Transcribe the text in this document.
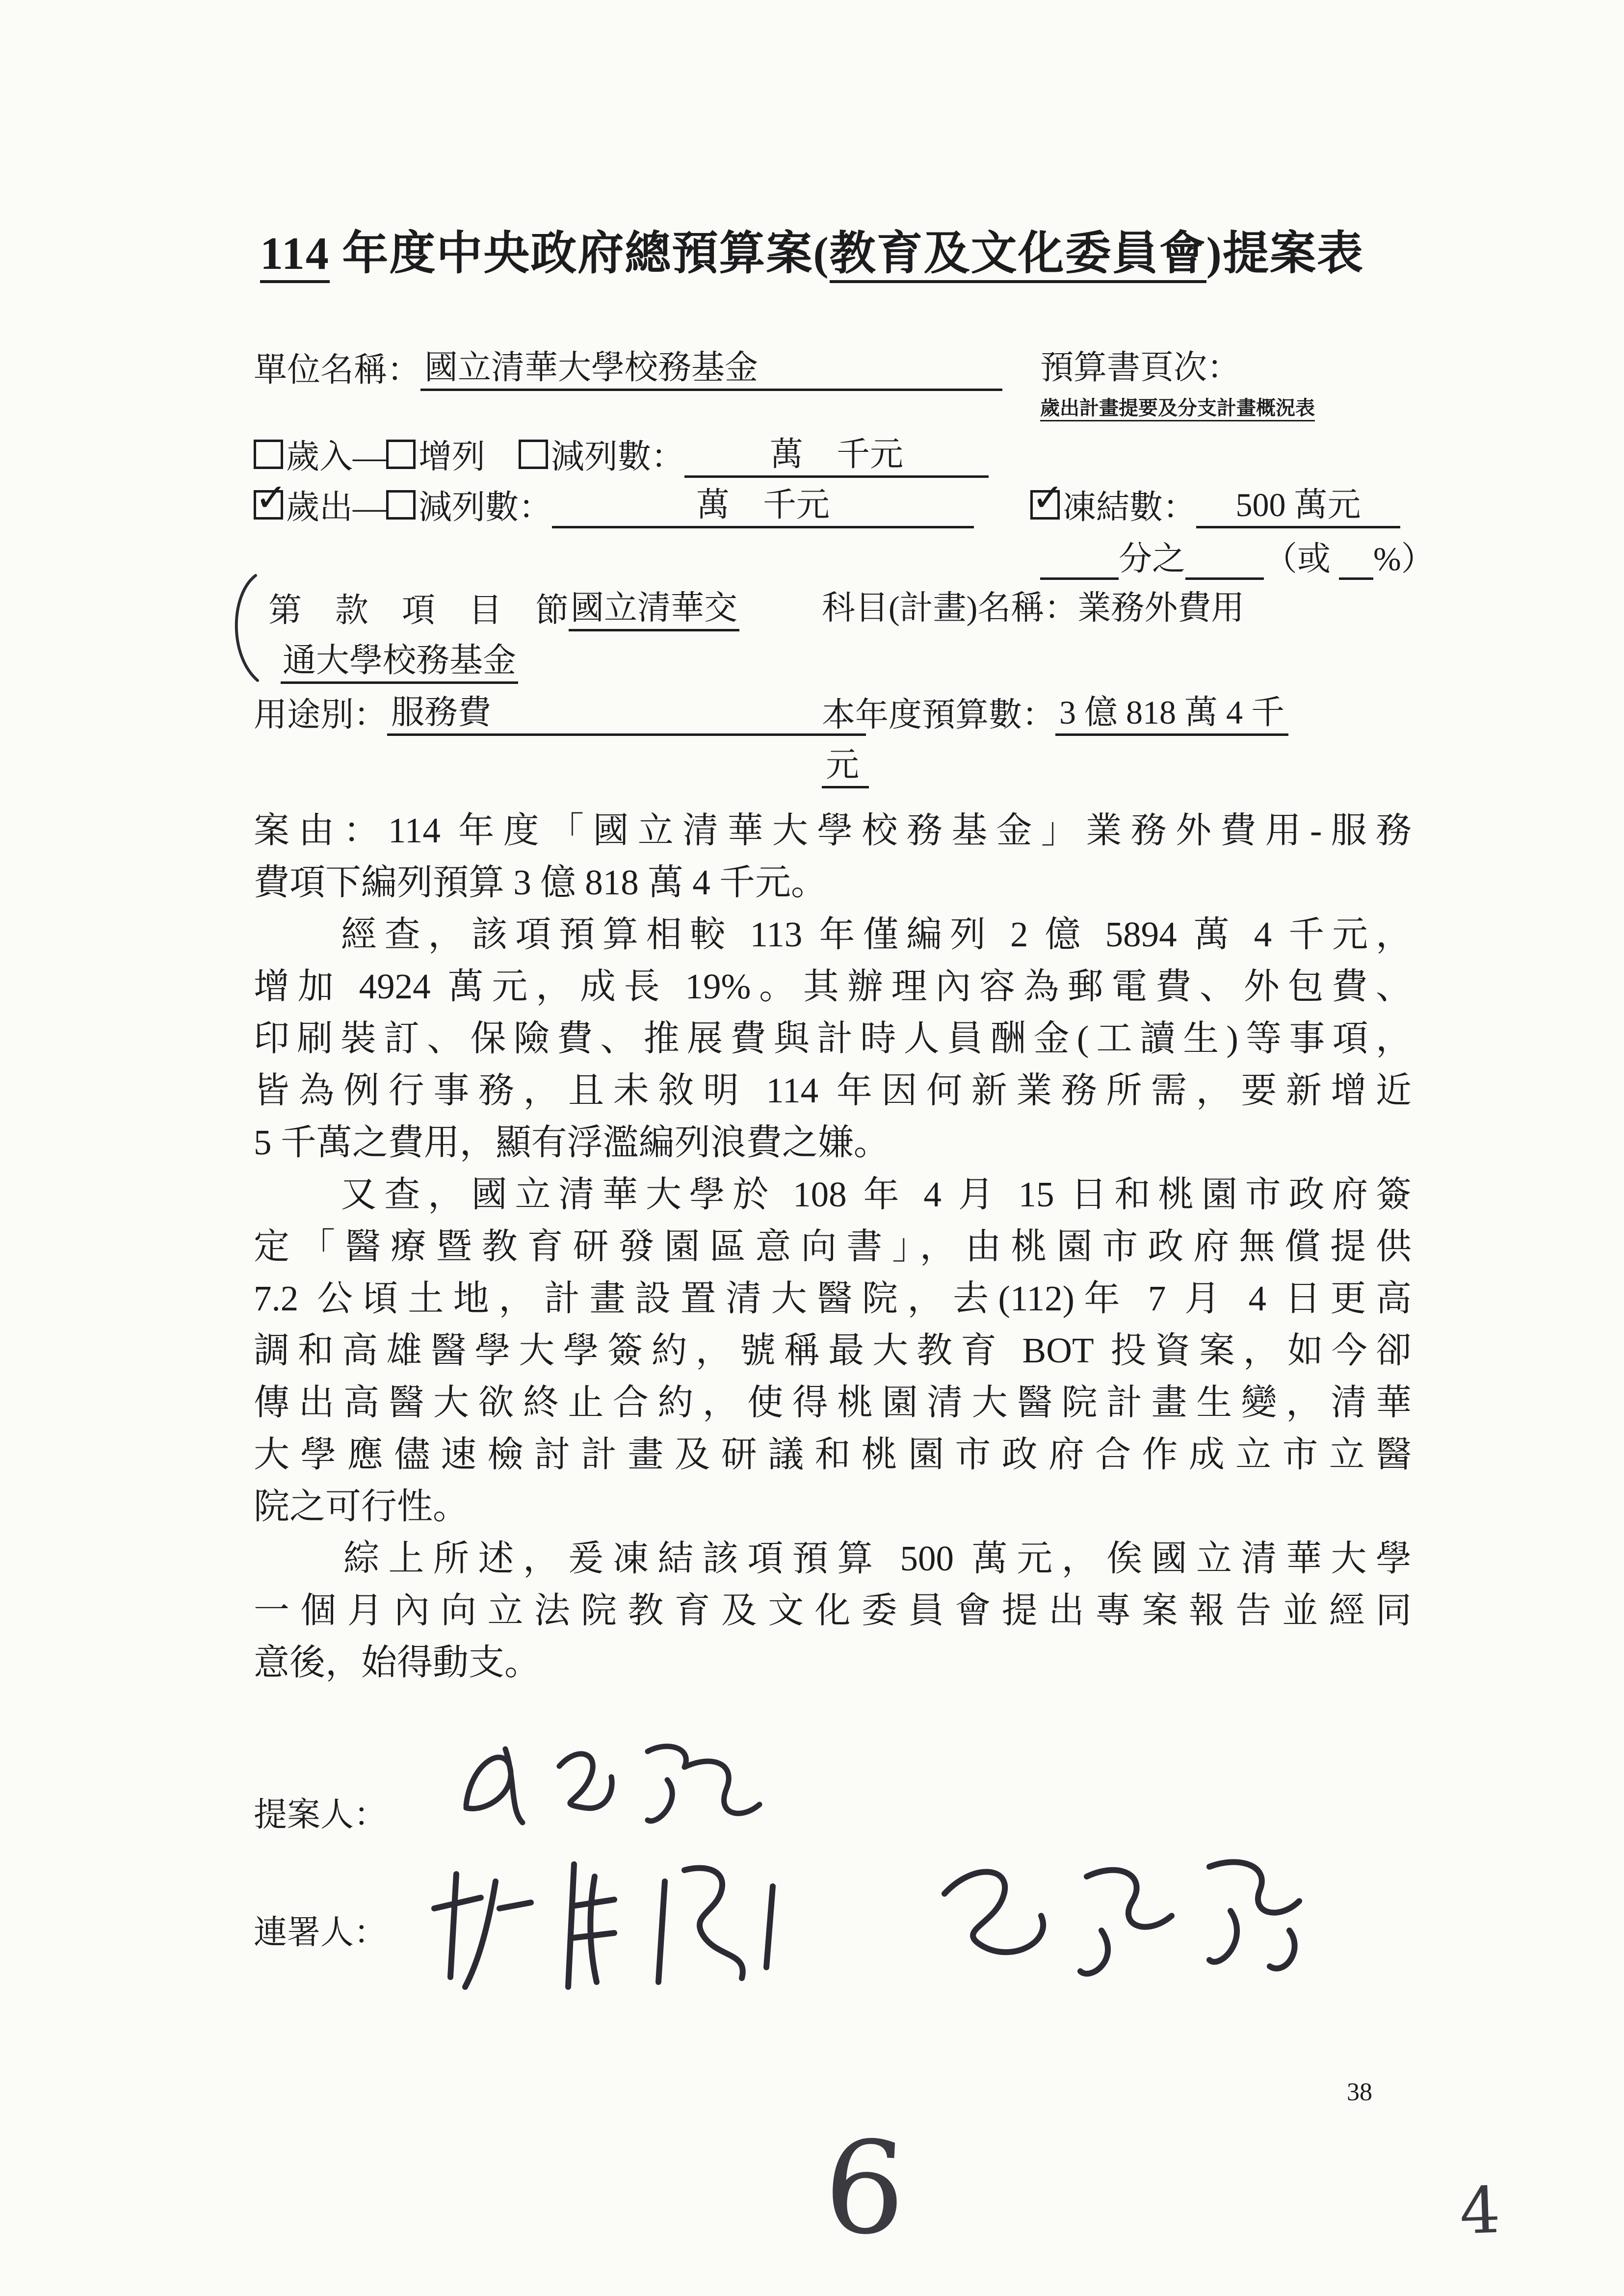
114 年度中央政府總預算案(教育及文化委員會)提案表
單位名稱： 國立清華大學校務基金	預算書頁次：
歲出計畫提要及分支計畫概況表
歲入— 增列　 減列數：	萬　千元
✓歲出— 減列數：	萬　千元 ✓	凍結數： 500 萬元
分之 （或 %）
第　款　項　目　節國立清華交	科目(計畫)名稱：業務外費用
通大學校務基金
用途別： 服務費	本年度預算數： 3 億 818 萬 4 千
元
案由：114 年度「國立清華大學校務基金」業務外費用-服務
費項下編列預算 3 億 818 萬 4 千元。
　　經查，該項預算相較 113 年僅編列 2 億 5894 萬 4 千元，
增加 4924 萬元，成長 19%。其辦理內容為郵電費、外包費、
印刷裝訂、保險費、推展費與計時人員酬金(工讀生)等事項，
皆為例行事務，且未敘明 114 年因何新業務所需，要新增近
5 千萬之費用，顯有浮濫編列浪費之嫌。
　　又查，國立清華大學於 108 年 4 月 15 日和桃園市政府簽
定「醫療暨教育研發園區意向書」，由桃園市政府無償提供
7.2 公頃土地，計畫設置清大醫院，去(112)年 7 月 4 日更高
調和高雄醫學大學簽約，號稱最大教育 BOT 投資案，如今卻
傳出高醫大欲終止合約，使得桃園清大醫院計畫生變，清華
大學應儘速檢討計畫及研議和桃園市政府合作成立市立醫
院之可行性。
　　綜上所述，爰凍結該項預算 500 萬元，俟國立清華大學
一個月內向立法院教育及文化委員會提出專案報告並經同
意後，始得動支。
提案人：
連署人：
38
6	4
